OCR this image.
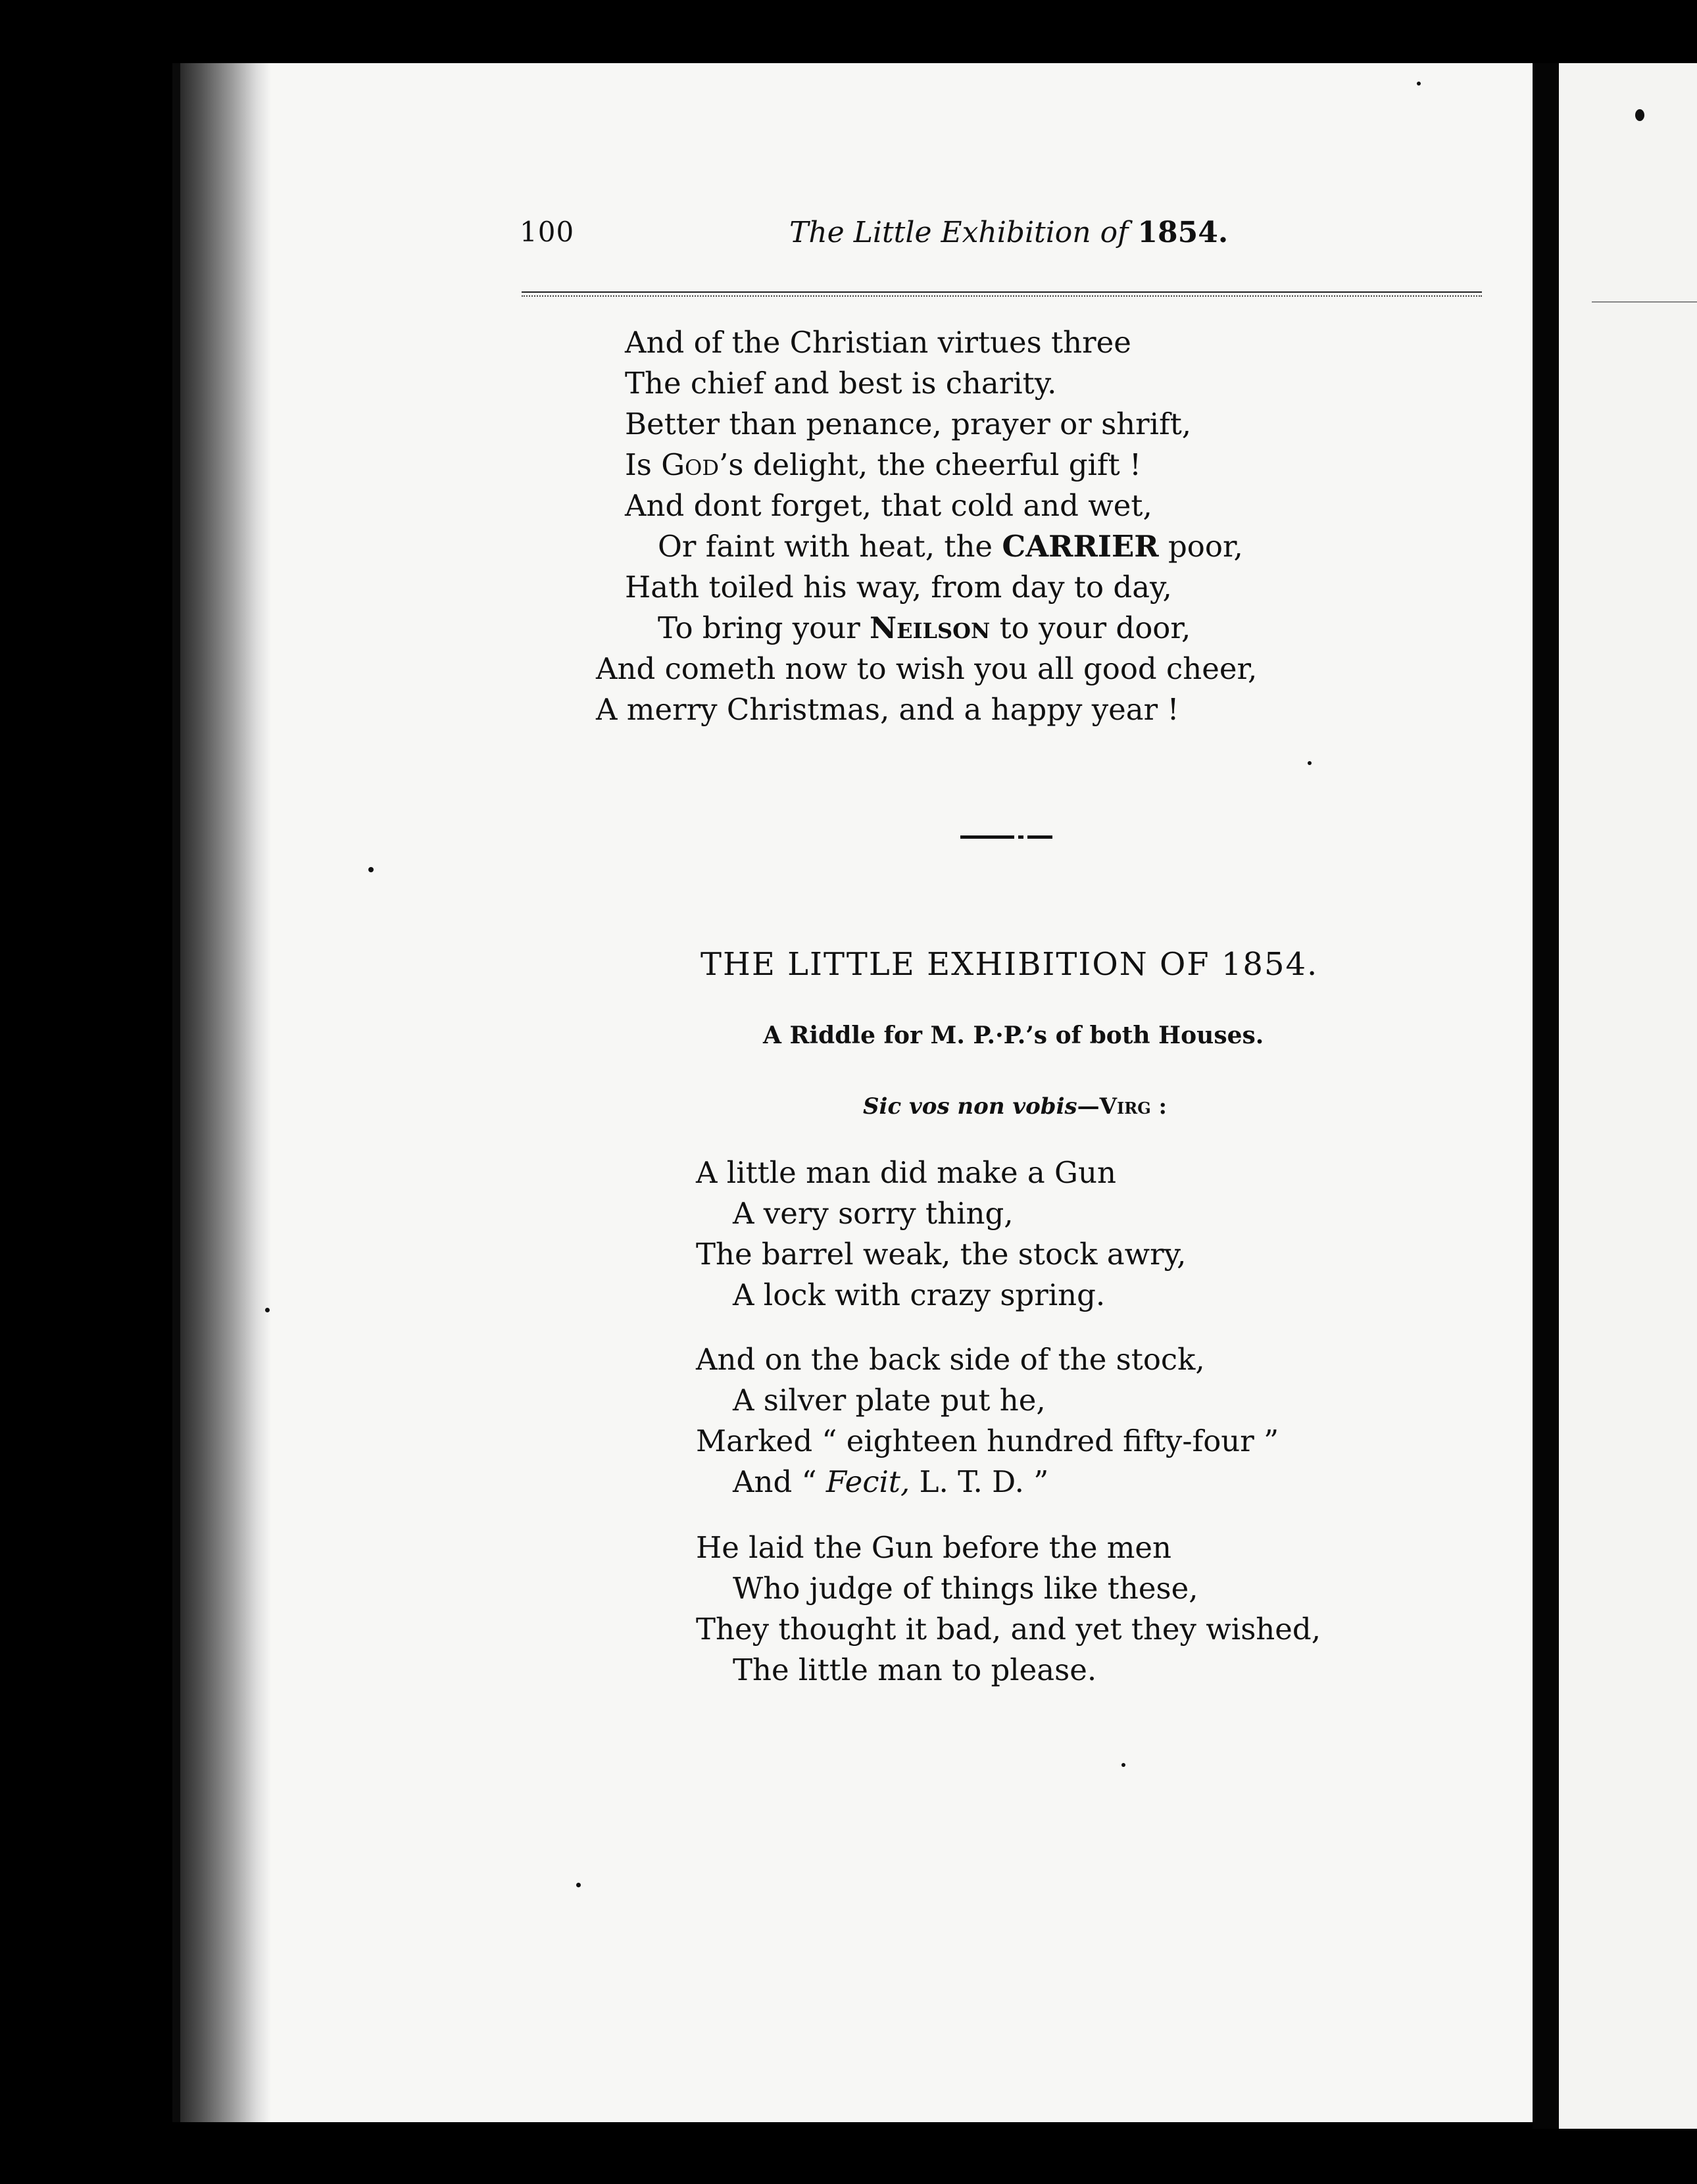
100	The Little Exhibition of 1854.
And of the Christian virtues three
The chief and best is charity.
Better than penance, prayer or shrift,
Is God’s delight, the cheerful gift !
And dont forget, that cold and wet,
Or faint with heat, the CARRIER poor,
Hath toiled his way, from day to day,
To bring your Neilson to your door,
And cometh now to wish you all good cheer,
A merry Christmas, and a happy year !
THE LITTLE EXHIBITION OF 1854.
A Riddle for M. P.·P.’s of both Houses.
Sic vos non vobis—Virg :
A little man did make a Gun
A very sorry thing,
The barrel weak, the stock awry,
A lock with crazy spring.
And on the back side of the stock,
A silver plate put he,
Marked “ eighteen hundred fifty-four ”
And “ Fecit, L. T. D. ”
He laid the Gun before the men
Who judge of things like these,
They thought it bad, and yet they wished,
The little man to please.
